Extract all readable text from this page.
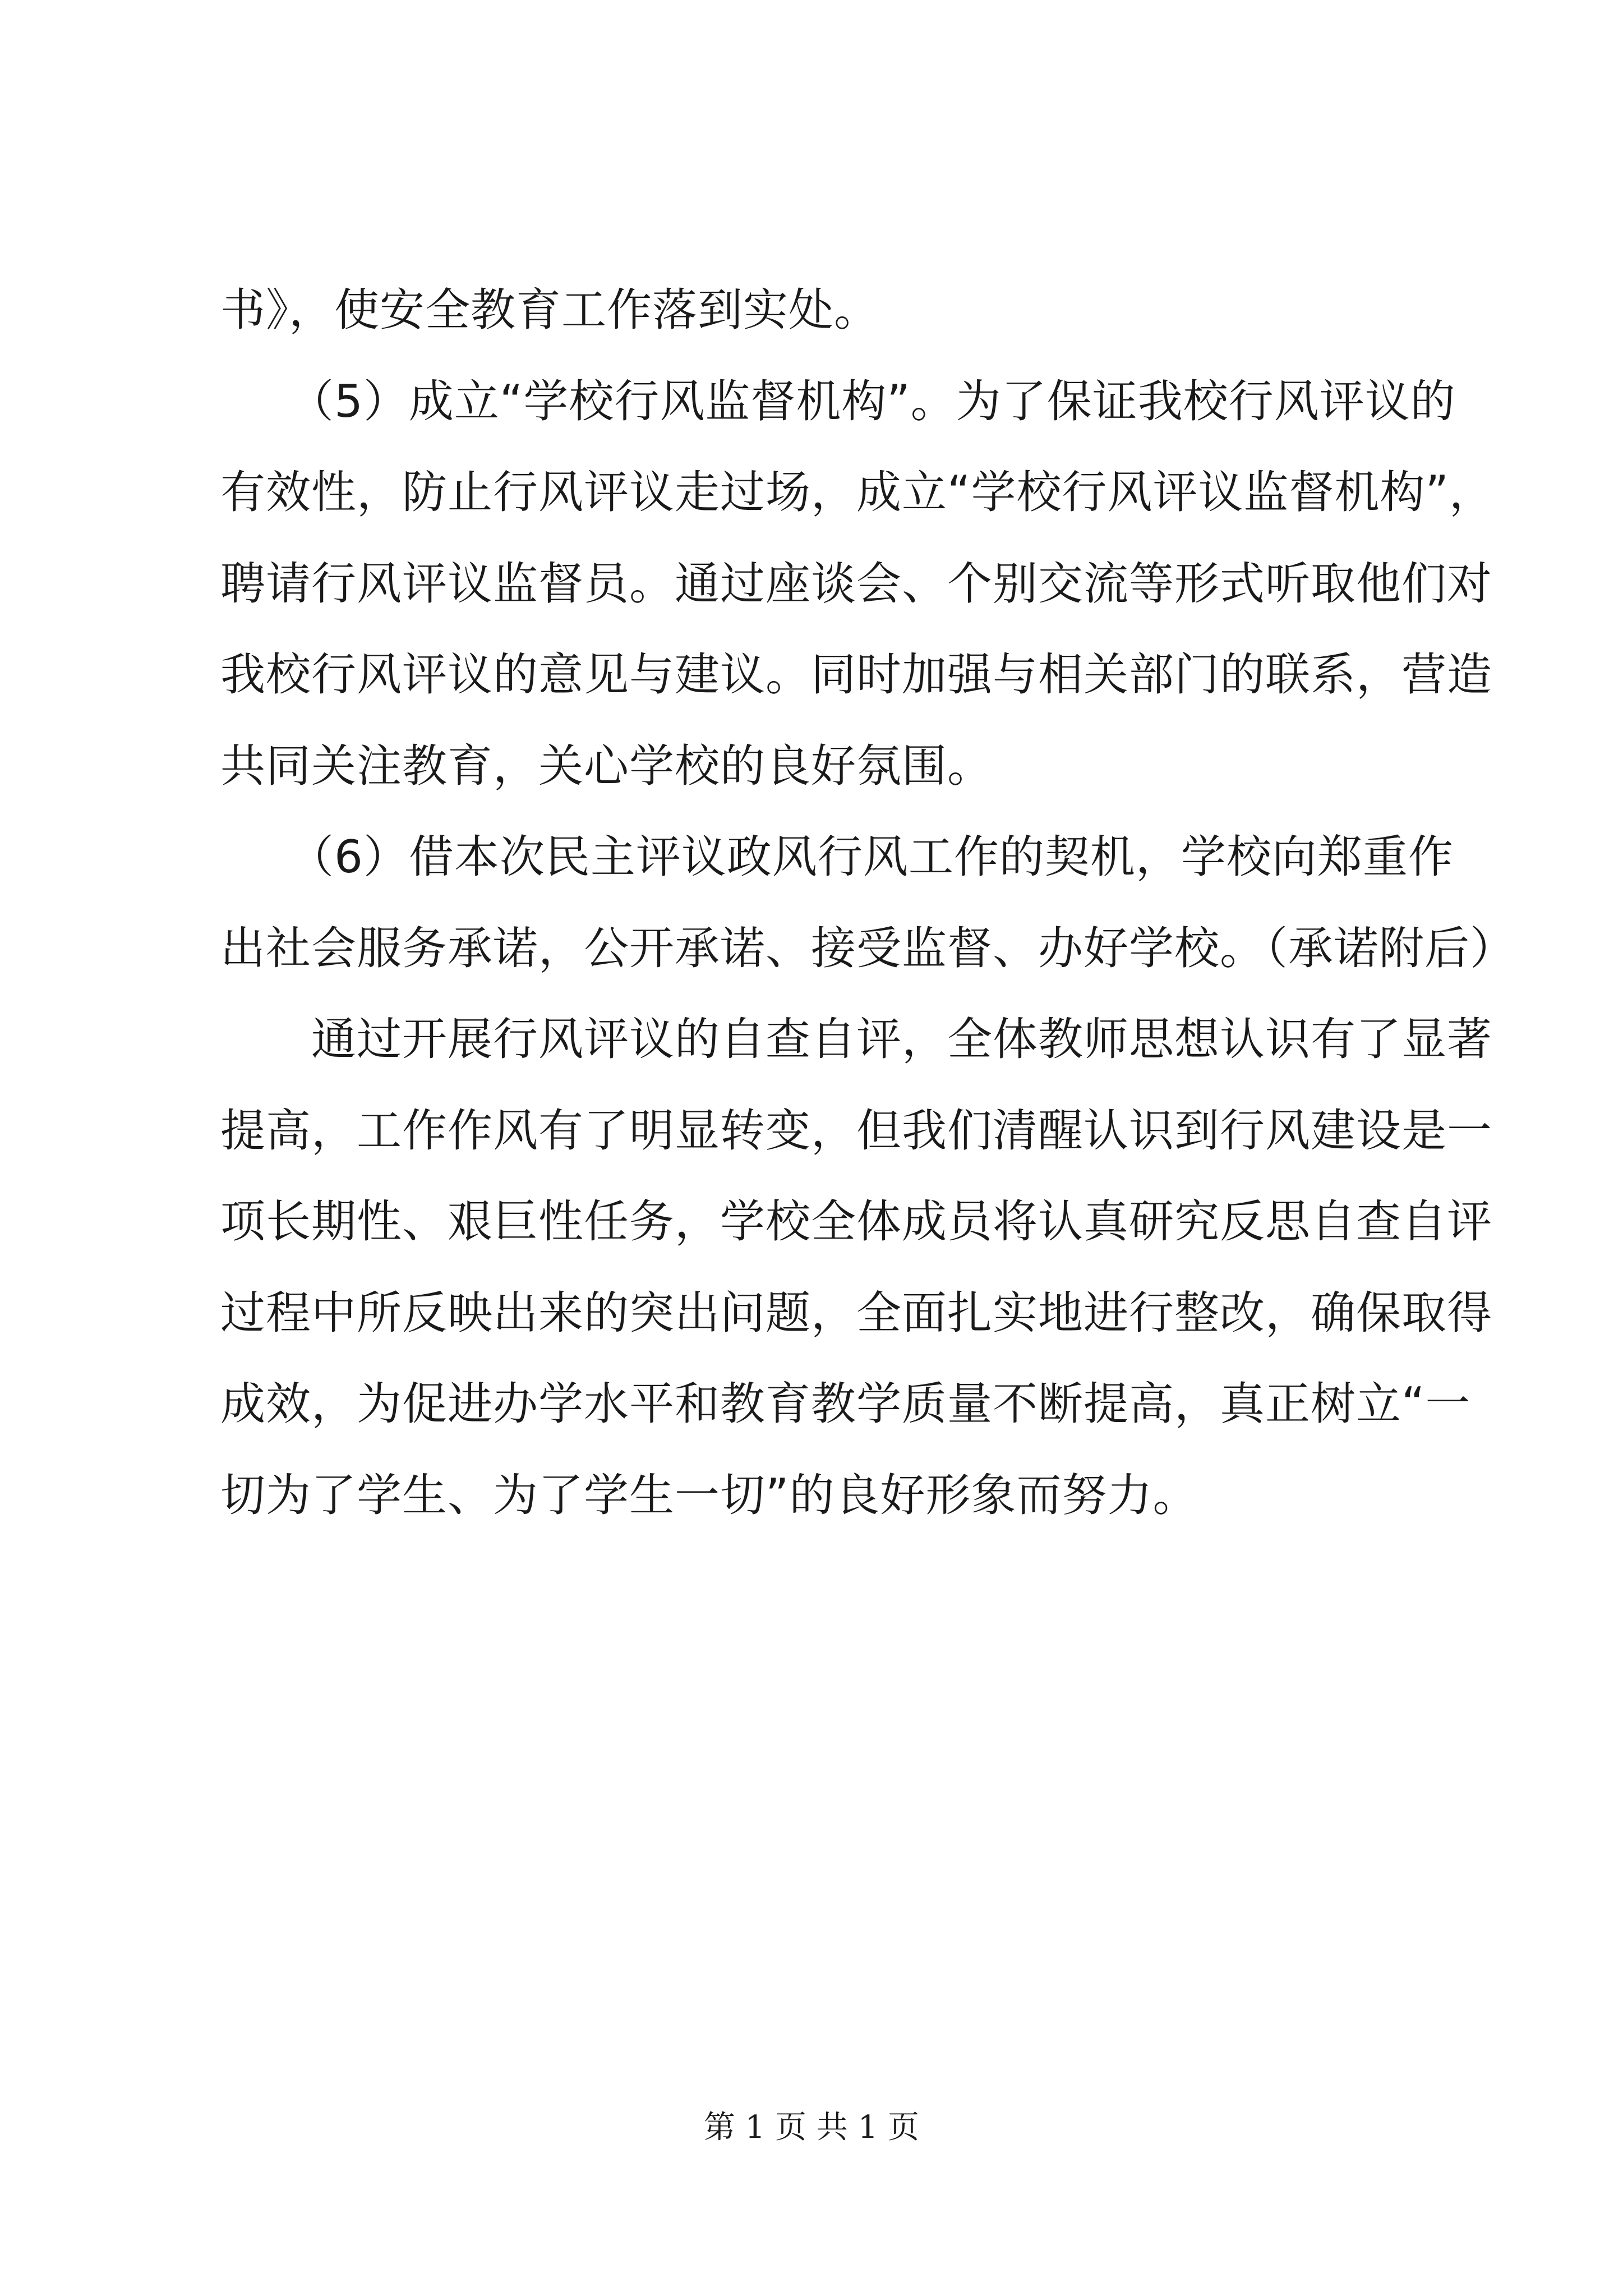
书》，使安全教育工作落到实处。
　　（5）成立“学校行风监督机构”。为了保证我校行风评议的
有效性，防止行风评议走过场，成立“学校行风评议监督机构”，
聘请行风评议监督员。通过座谈会、个别交流等形式听取他们对
我校行风评议的意见与建议。同时加强与相关部门的联系，营造
共同关注教育，关心学校的良好氛围。
　　（6）借本次民主评议政风行风工作的契机，学校向郑重作
出社会服务承诺，公开承诺、接受监督、办好学校。（承诺附后）
　　通过开展行风评议的自查自评，全体教师思想认识有了显著
提高，工作作风有了明显转变，但我们清醒认识到行风建设是一
项长期性、艰巨性任务，学校全体成员将认真研究反思自查自评
过程中所反映出来的突出问题，全面扎实地进行整改，确保取得
成效，为促进办学水平和教育教学质量不断提高，真正树立“一
切为了学生、为了学生一切”的良好形象而努力。
第 1 页 共 1 页
